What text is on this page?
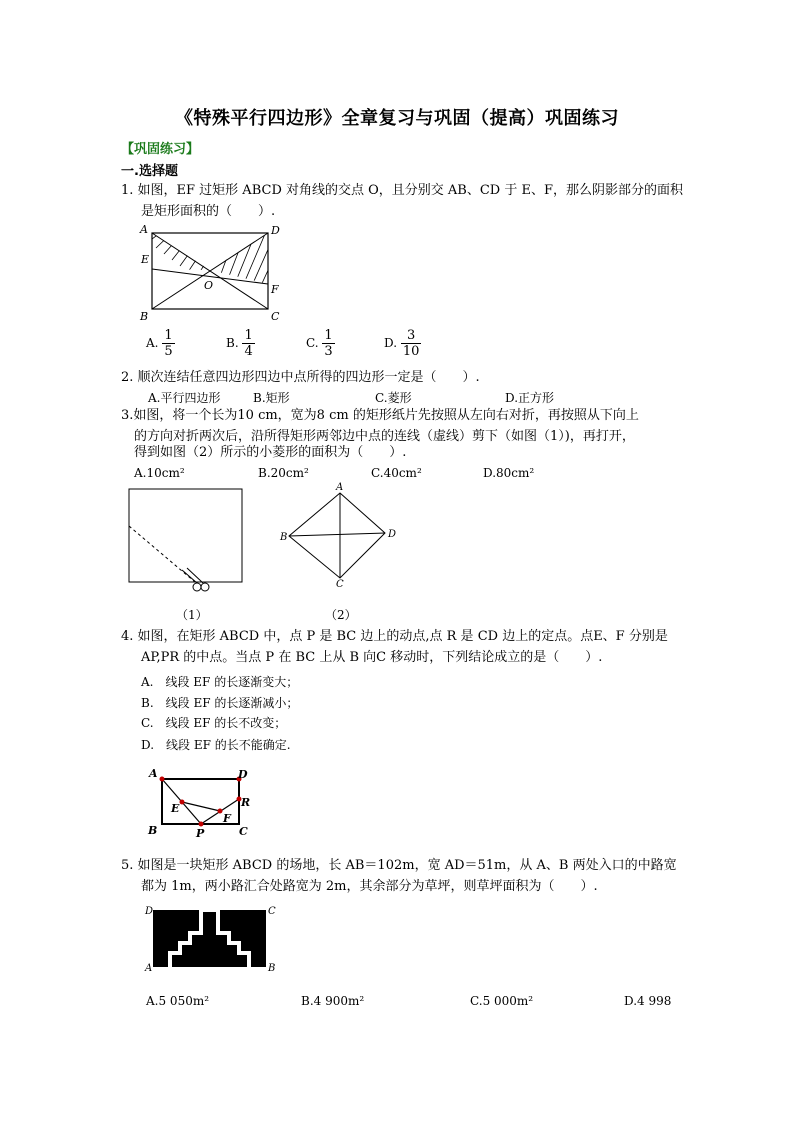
《特殊平行四边形》全章复习与巩固（提高）巩固练习
【巩固练习】
一.选择题
1. 如图，EF 过矩形 ABCD 对角线的交点 O，且分别交 AB、CD 于 E、F，那么阴影部分的面积
是矩形面积的（　　）.
A	D
E
F
O
B	C
A. $\frac{1}{5}$	B. $\frac{1}{4}$	C. $\frac{1}{3}$	D. $\frac{3}{10}$
2. 顺次连结任意四边形四边中点所得的四边形一定是（　　）.
A.平行四边形	B.矩形	C.菱形	D.正方形
3.如图，将一个长为10 cm，宽为8 cm 的矩形纸片先按照从左向右对折，再按照从下向上
的方向对折两次后，沿所得矩形两邻边中点的连线（虚线）剪下（如图（1）)，再打开，
得到如图（2）所示的小菱形的面积为（　　）.
A.10cm²	B.20cm²	C.40cm²	D.80cm²
（1）
A
B	D
C
（2）
4. 如图，在矩形 ABCD 中，点 P 是 BC 边上的动点,点 R 是 CD 边上的定点。点E、F 分别是
AP,PR 的中点。当点 P 在 BC 上从 B 向C 移动时，下列结论成立的是（　　）.
A.　线段 EF 的长逐渐变大；
B.　线段 EF 的长逐渐减小；
C.　线段 EF 的长不改变；
D.　线段 EF 的长不能确定.
A	D
R
E
F
B	P	C
5. 如图是一块矩形 ABCD 的场地，长 AB＝102m，宽 AD＝51m，从 A、B 两处入口的中路宽
都为 1m，两小路汇合处路宽为 2m，其余部分为草坪，则草坪面积为（　　）.
D	C
A	B
A.5 050m²	B.4 900m²	C.5 000m²	D.4 998
